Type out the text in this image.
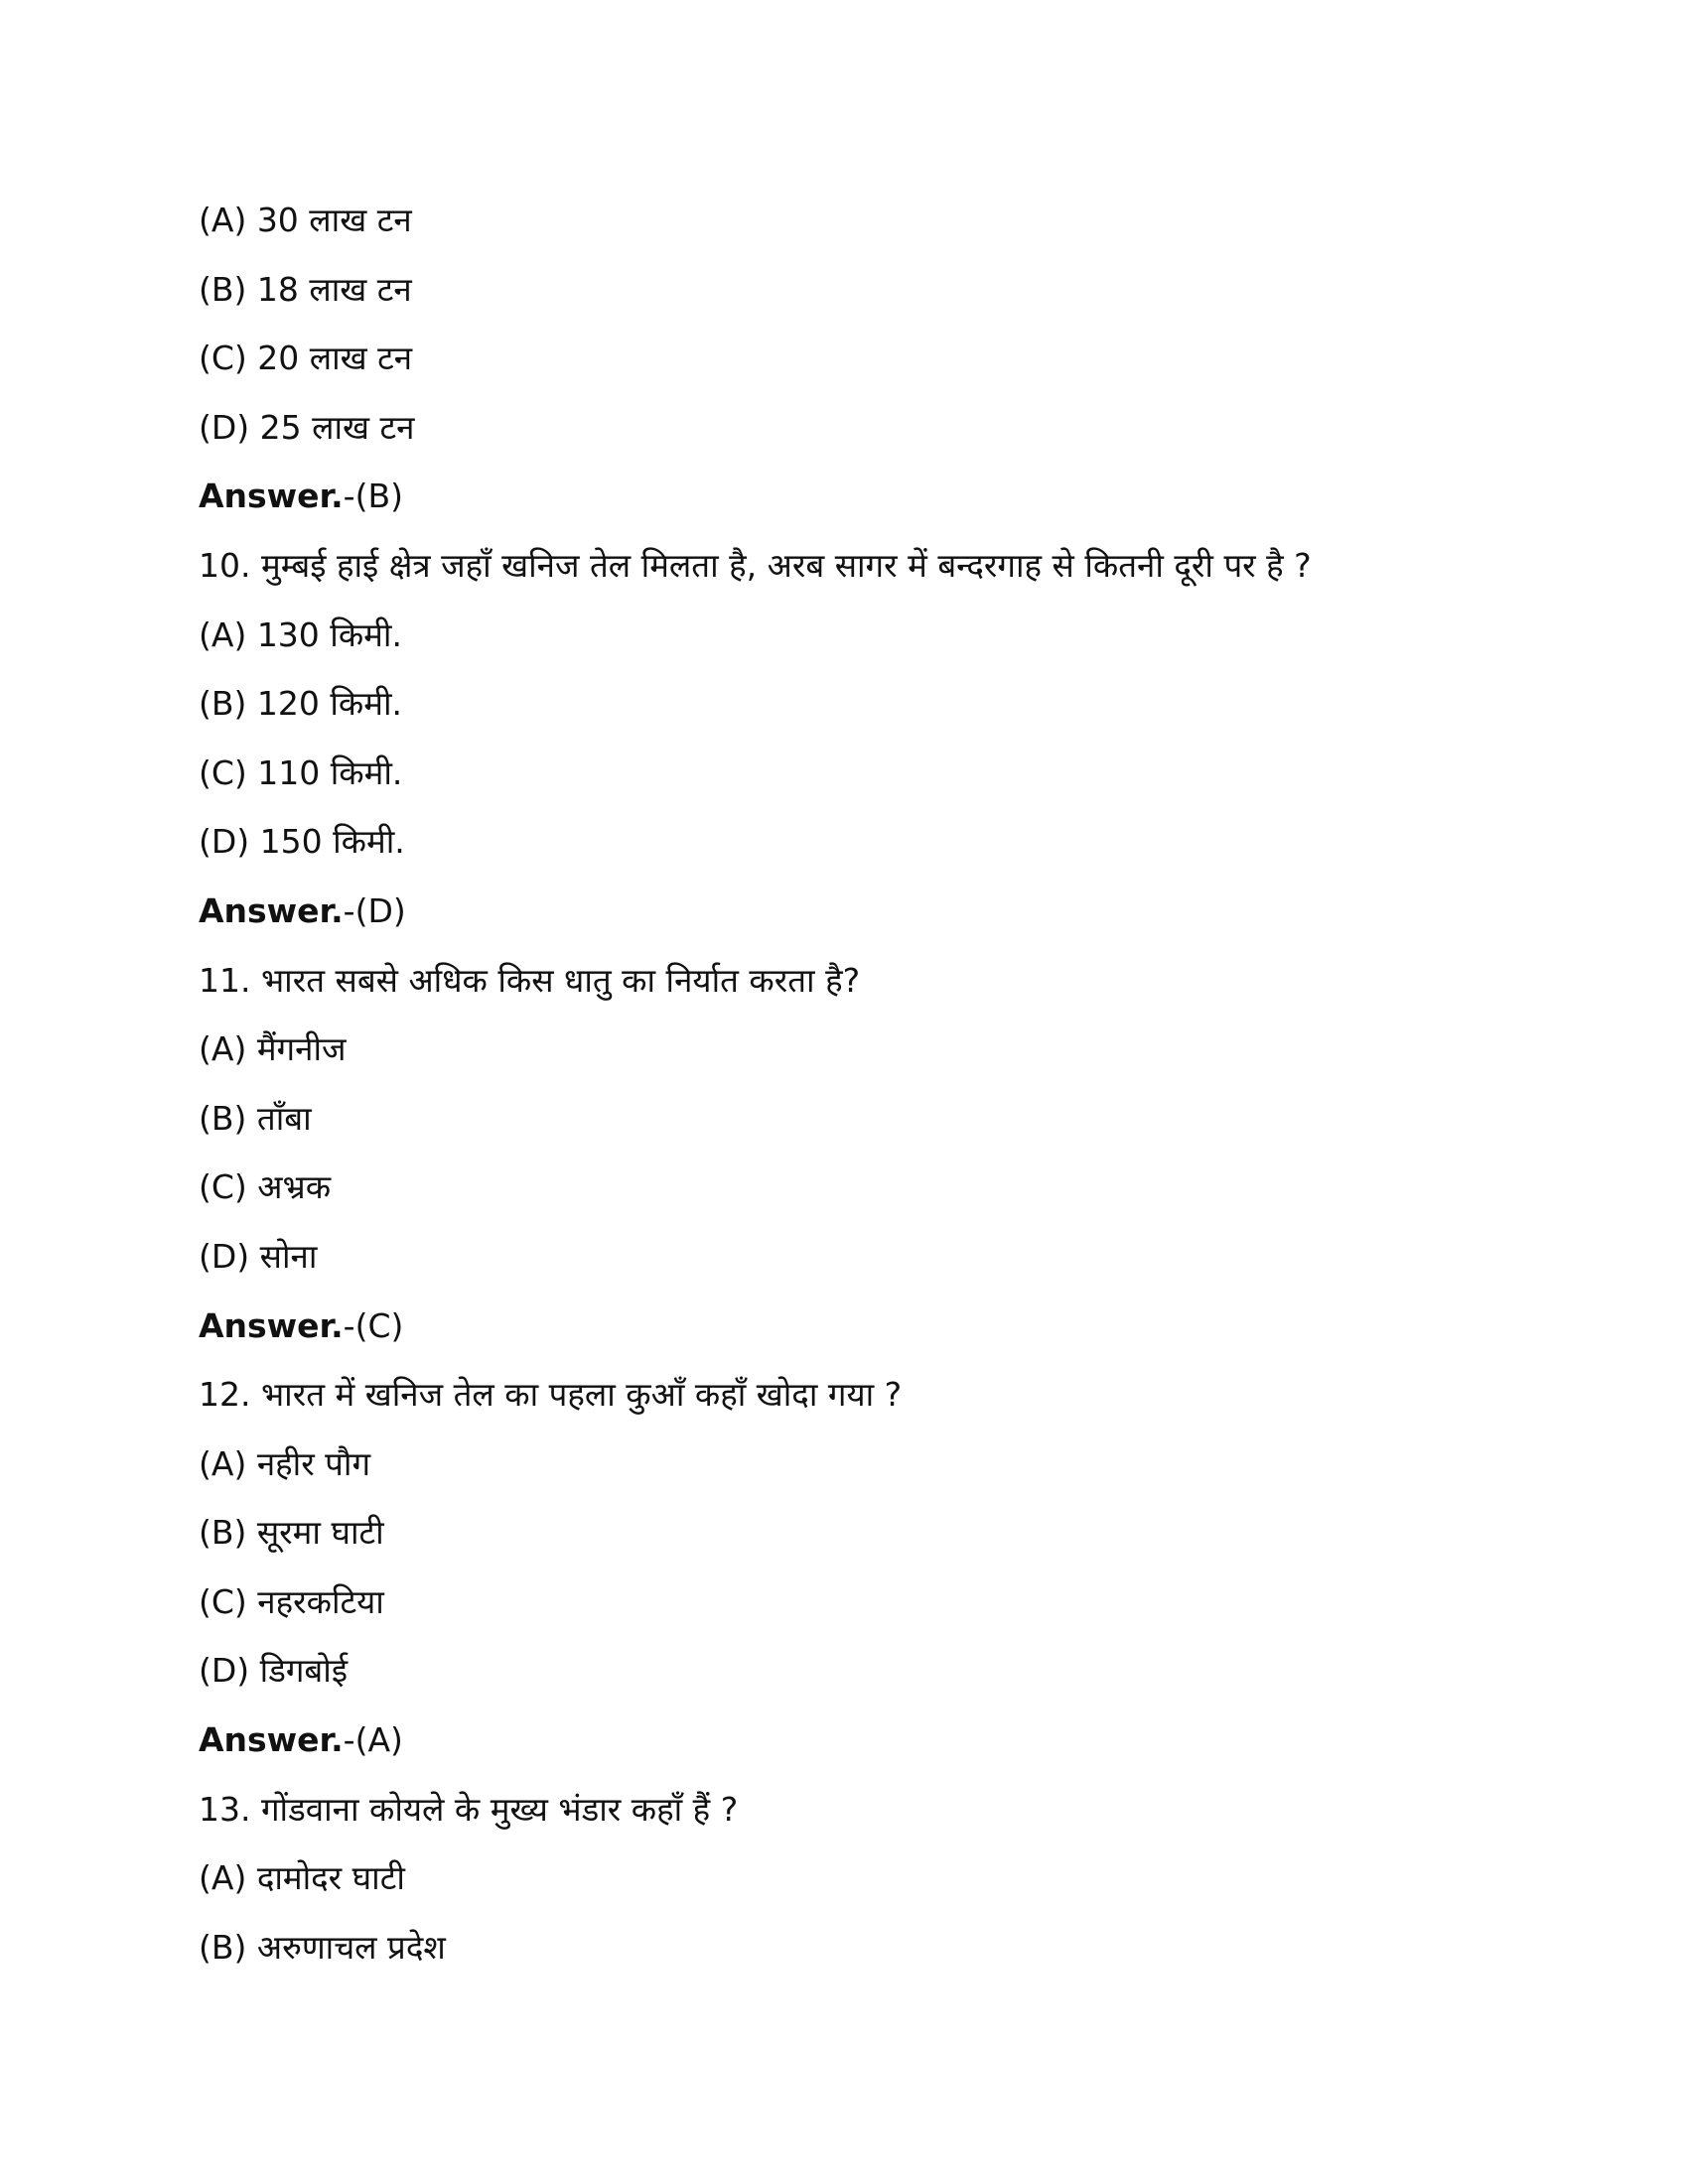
(A) 30 लाख टन
(B) 18 लाख टन
(C) 20 लाख टन
(D) 25 लाख टन
Answer.-(B)
10. मुम्बई हाई क्षेत्र जहाँ खनिज तेल मिलता है, अरब सागर में बन्दरगाह से कितनी दूरी पर है ?
(A) 130 किमी.
(B) 120 किमी.
(C) 110 किमी.
(D) 150 किमी.
Answer.-(D)
11. भारत सबसे अधिक किस धातु का निर्यात करता है?
(A) मैंगनीज
(B) ताँबा
(C) अभ्रक
(D) सोना
Answer.-(C)
12. भारत में खनिज तेल का पहला कुआँ कहाँ खोदा गया ?
(A) नहीर पौग
(B) सूरमा घाटी
(C) नहरकटिया
(D) डिगबोई
Answer.-(A)
13. गोंडवाना कोयले के मुख्य भंडार कहाँ हैं ?
(A) दामोदर घाटी
(B) अरुणाचल प्रदेश
